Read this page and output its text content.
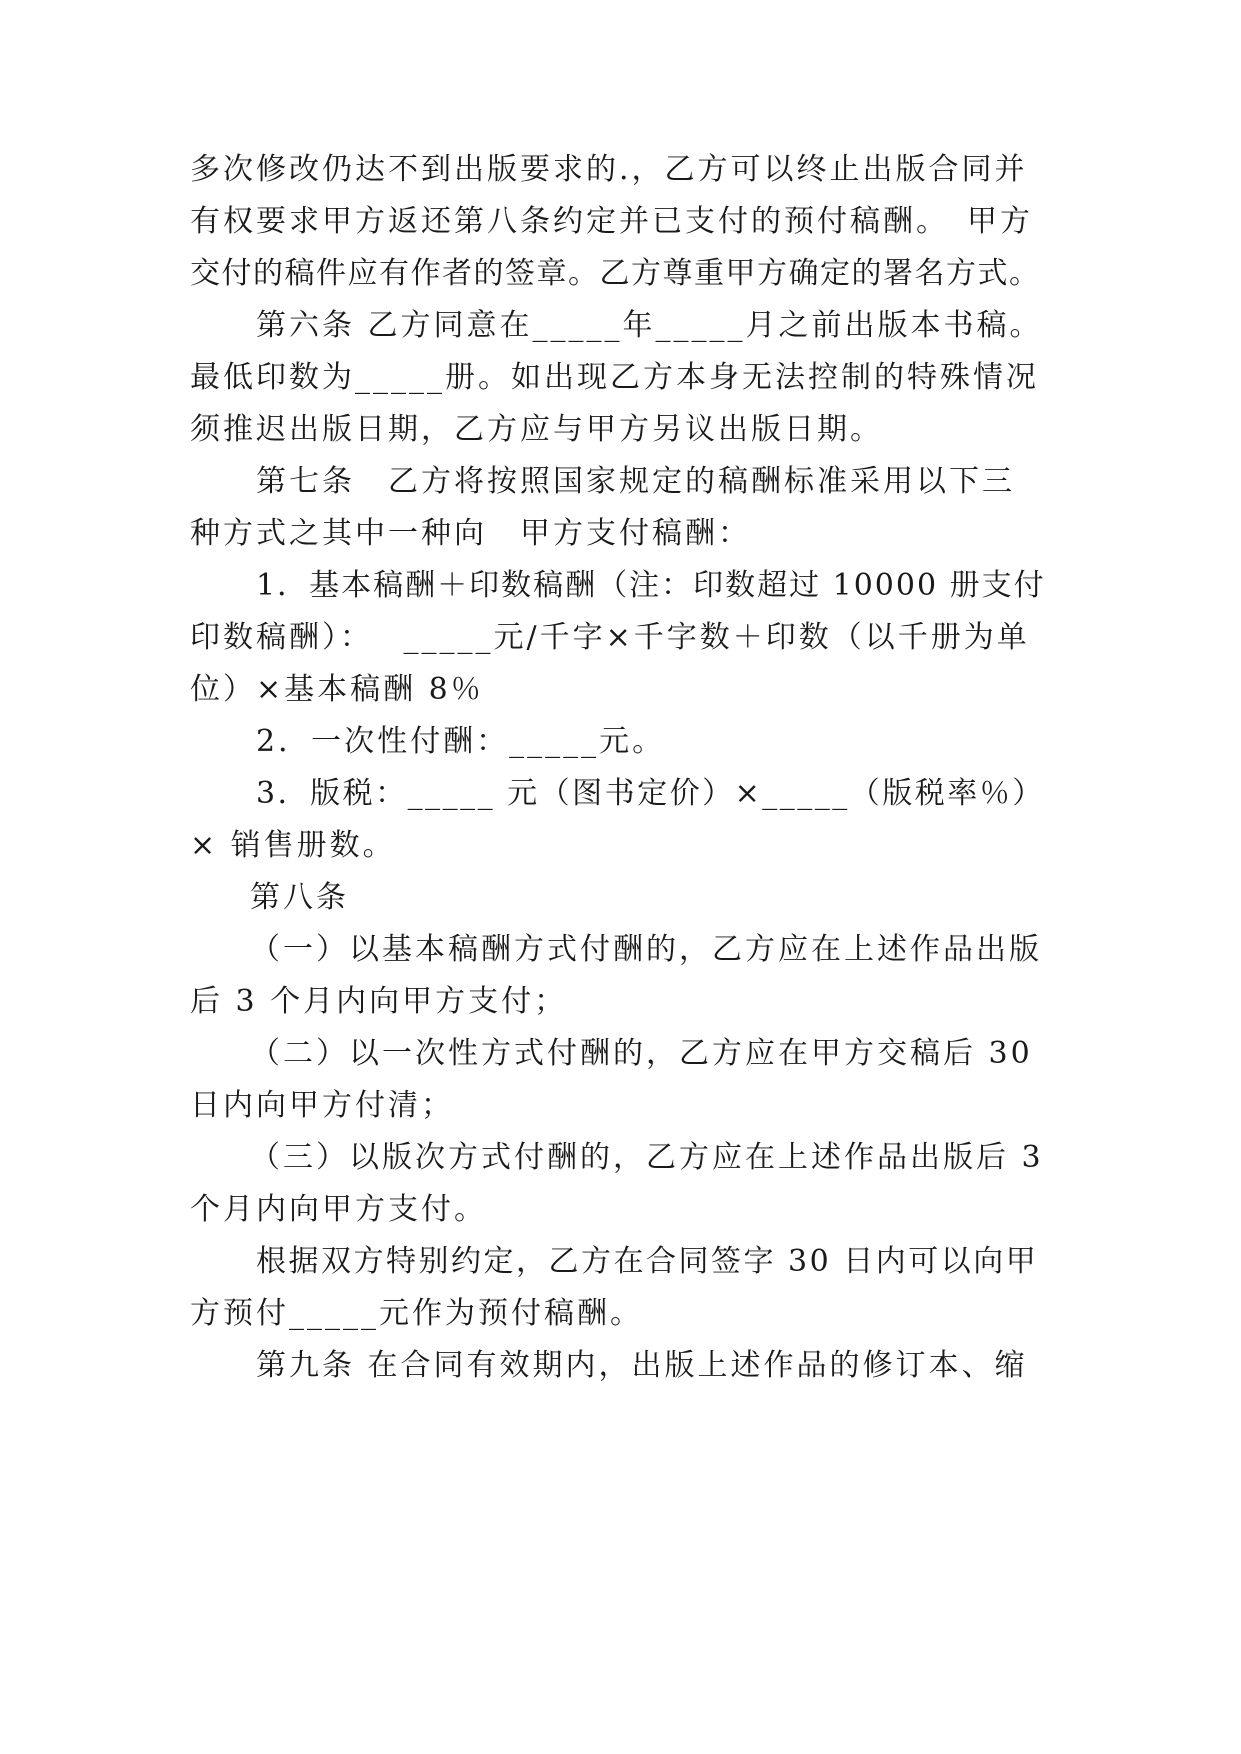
多次修改仍达不到出版要求的.，乙方可以终止出版合同并
有权要求甲方返还第八条约定并已支付的预付稿酬。　甲方
交付的稿件应有作者的签章。乙方尊重甲方确定的署名方式。
第六条 乙方同意在_____年_____月之前出版本书稿。
最低印数为_____册。如出现乙方本身无法控制的特殊情况
须推迟出版日期，乙方应与甲方另议出版日期。
第七条　乙方将按照国家规定的稿酬标准采用以下三
种方式之其中一种向　甲方支付稿酬：
1．基本稿酬＋印数稿酬（注：印数超过 10000 册支付
印数稿酬）：　 _____元/千字×千字数＋印数（以千册为单
位）×基本稿酬 8％
2．一次性付酬：_____元。
3．版税：_____ 元（图书定价）×_____（版税率％）
× 销售册数。
第八条
（一）以基本稿酬方式付酬的，乙方应在上述作品出版
后 3 个月内向甲方支付；
（二）以一次性方式付酬的，乙方应在甲方交稿后 30
日内向甲方付清；
（三）以版次方式付酬的，乙方应在上述作品出版后 3
个月内向甲方支付。
根据双方特别约定，乙方在合同签字 30 日内可以向甲
方预付_____元作为预付稿酬。
第九条 在合同有效期内，出版上述作品的修订本、缩
